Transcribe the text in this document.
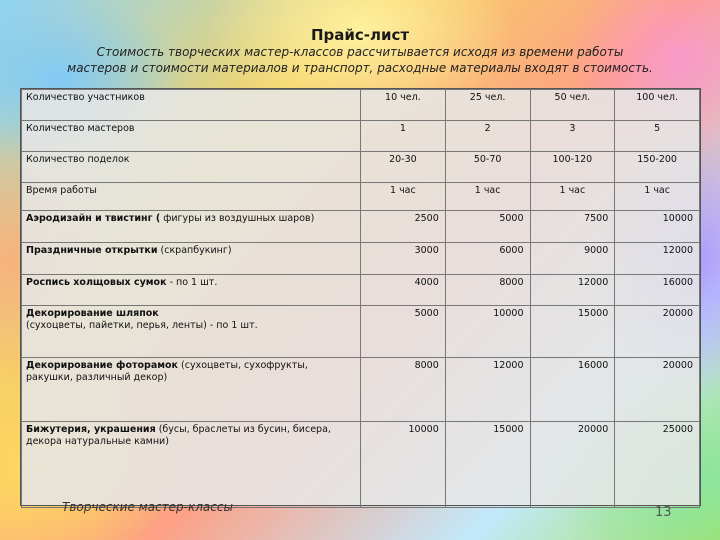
Прайс-лист
Стоимость творческих мастер-классов рассчитывается исходя из времени работы
мастеров и стоимости материалов и транспорт, расходные материалы входят в стоимость.
Количество участников	10 чел.	25 чел.	50 чел.	100 чел.
Количество мастеров	1	2	3	5
Количество поделок	20-30	50-70	100-120	150-200
Время работы	1 час	1 час	1 час	1 час
Аэродизайн и твистинг ( фигуры из воздушных шаров)	2500	5000	7500	10000
Праздничные открытки (скрапбукинг)	3000	6000	9000	12000
Роспись холщовых сумок - по 1 шт.	4000	8000	12000	16000
Декорирование шляпок
(сухоцветы, пайетки, перья, ленты) - по 1 шт.	5000	10000	15000	20000
Декорирование фоторамок (сухоцветы, сухофрукты, ракушки, различный декор)	8000	12000	16000	20000
Бижутерия, украшения (бусы, браслеты из бусин, бисера, декора натуральные камни)	10000	15000	20000	25000
Творческие мастер-классы	13
